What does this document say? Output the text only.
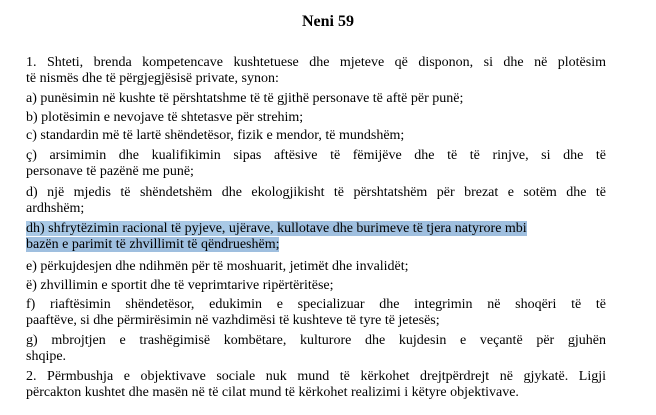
Neni 59
1. Shteti, brenda kompetencave kushtetuese dhe mjeteve që disponon, si dhe në plotësim
të nismës dhe të përgjegjësisë private, synon:
a) punësimin në kushte të përshtatshme të të gjithë personave të aftë për punë;
b) plotësimin e nevojave të shtetasve për strehim;
c) standardin më të lartë shëndetësor, fizik e mendor, të mundshëm;
ç) arsimimin dhe kualifikimin sipas aftësive të fëmijëve dhe të të rinjve, si dhe të
personave të pazënë me punë;
d) një mjedis të shëndetshëm dhe ekologjikisht të përshtatshëm për brezat e sotëm dhe të
ardhshëm;
dh) shfrytëzimin racional të pyjeve, ujërave, kullotave dhe burimeve të tjera natyrore mbi
bazën e parimit të zhvillimit të qëndrueshëm;
e) përkujdesjen dhe ndihmën për të moshuarit, jetimët dhe invalidët;
ë) zhvillimin e sportit dhe të veprimtarive ripërtëritëse;
f) riaftësimin shëndetësor, edukimin e specializuar dhe integrimin në shoqëri të të
paaftëve, si dhe përmirësimin në vazhdimësi të kushteve të tyre të jetesës;
g) mbrojtjen e trashëgimisë kombëtare, kulturore dhe kujdesin e veçantë për gjuhën
shqipe.
2. Përmbushja e objektivave sociale nuk mund të kërkohet drejtpërdrejt në gjykatë. Ligji
përcakton kushtet dhe masën në të cilat mund të kërkohet realizimi i këtyre objektivave.
